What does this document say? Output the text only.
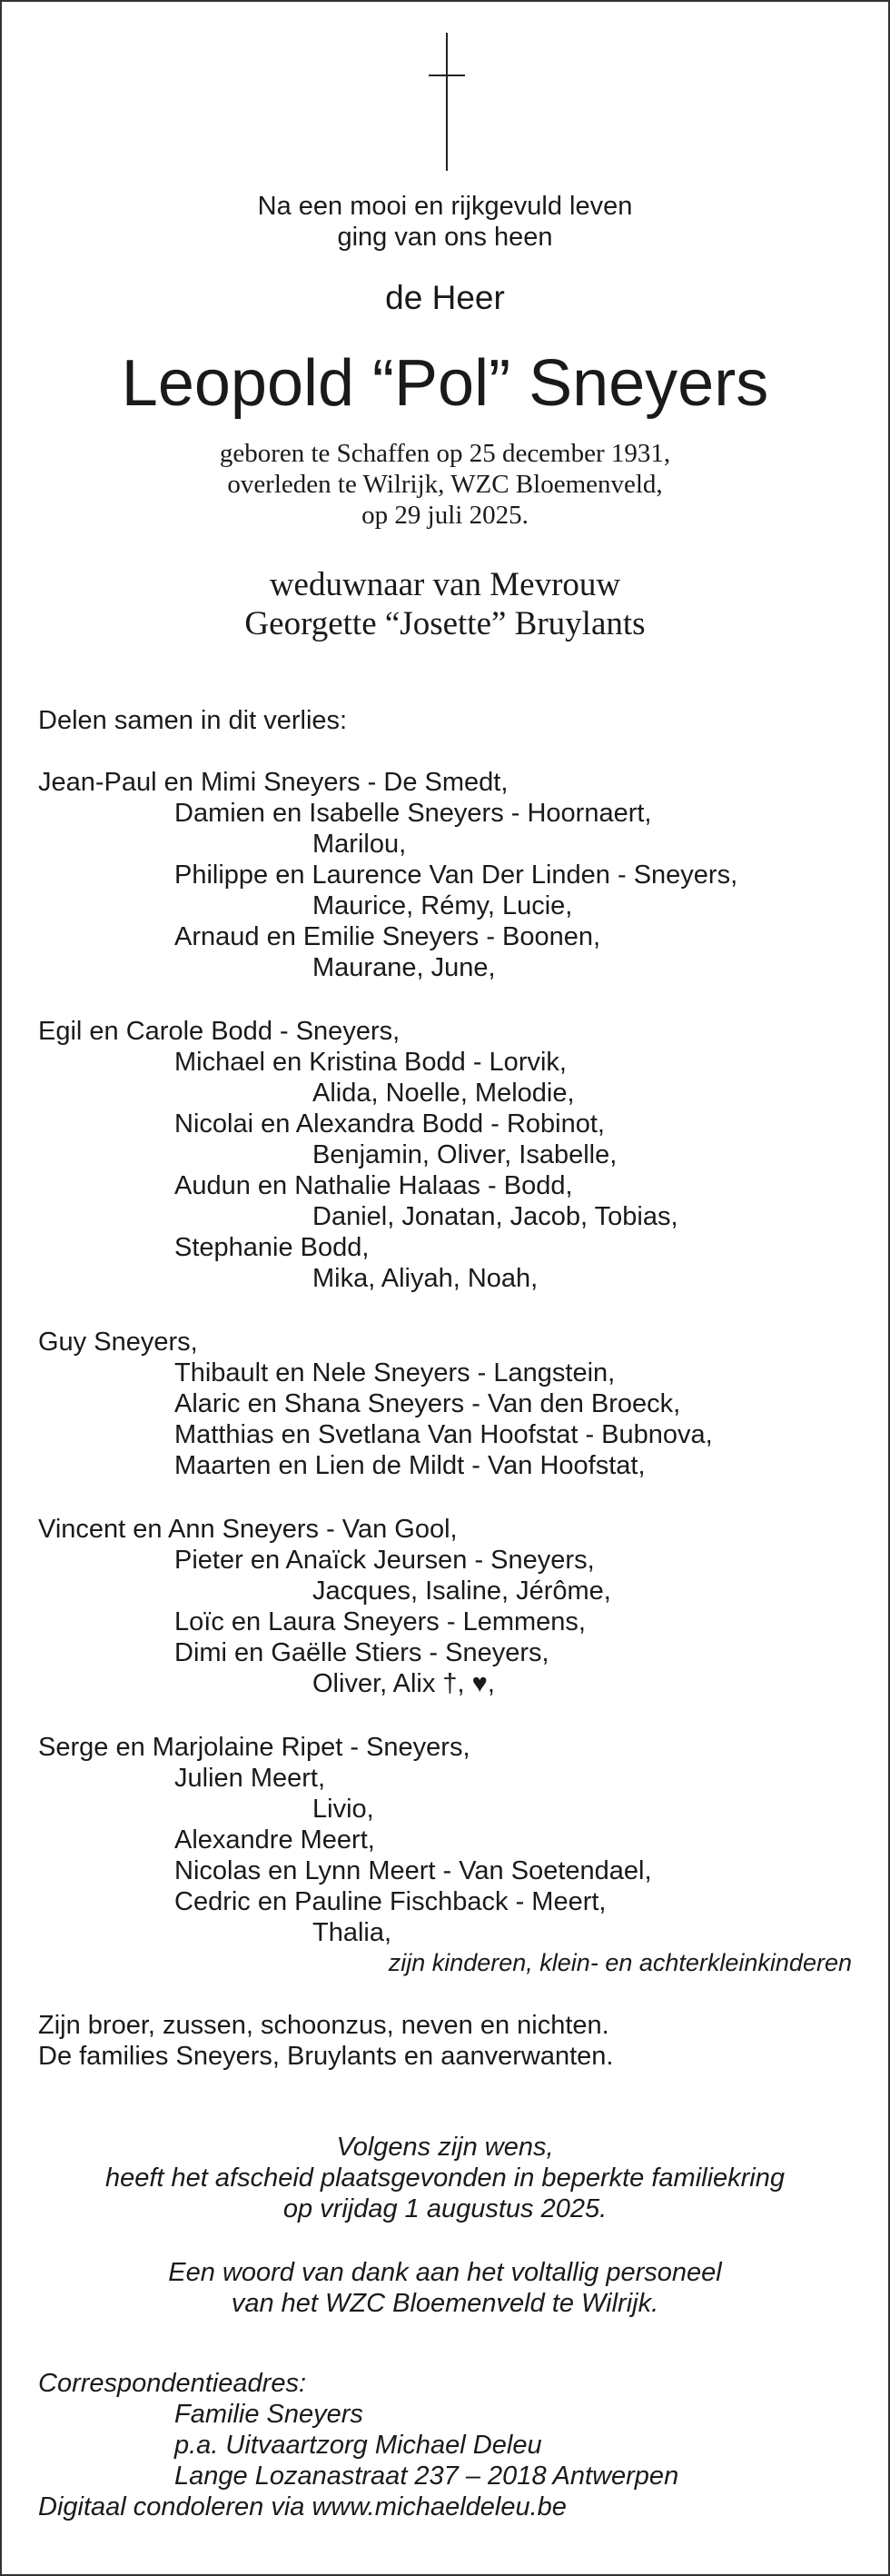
Na een mooi en rijkgevuld leven
ging van ons heen
de Heer
Leopold “Pol” Sneyers
geboren te Schaffen op 25 december 1931,
overleden te Wilrijk, WZC Bloemenveld,
op 29 juli 2025.
weduwnaar van Mevrouw
Georgette “Josette” Bruylants
Delen samen in dit verlies:
Jean-Paul en Mimi Sneyers - De Smedt,
Damien en Isabelle Sneyers - Hoornaert,
Marilou,
Philippe en Laurence Van Der Linden - Sneyers,
Maurice, Rémy, Lucie,
Arnaud en Emilie Sneyers - Boonen,
Maurane, June,
Egil en Carole Bodd - Sneyers,
Michael en Kristina Bodd - Lorvik,
Alida, Noelle, Melodie,
Nicolai en Alexandra Bodd - Robinot,
Benjamin, Oliver, Isabelle,
Audun en Nathalie Halaas - Bodd,
Daniel, Jonatan, Jacob, Tobias,
Stephanie Bodd,
Mika, Aliyah, Noah,
Guy Sneyers,
Thibault en Nele Sneyers - Langstein,
Alaric en Shana Sneyers - Van den Broeck,
Matthias en Svetlana Van Hoofstat - Bubnova,
Maarten en Lien de Mildt - Van Hoofstat,
Vincent en Ann Sneyers - Van Gool,
Pieter en Anaïck Jeursen - Sneyers,
Jacques, Isaline, Jérôme,
Loïc en Laura Sneyers - Lemmens,
Dimi en Gaëlle Stiers - Sneyers,
Oliver, Alix †, ♥,
Serge en Marjolaine Ripet - Sneyers,
Julien Meert,
Livio,
Alexandre Meert,
Nicolas en Lynn Meert - Van Soetendael,
Cedric en Pauline Fischback - Meert,
Thalia,
zijn kinderen, klein- en achterkleinkinderen
Zijn broer, zussen, schoonzus, neven en nichten.
De families Sneyers, Bruylants en aanverwanten.
Volgens zijn wens,
heeft het afscheid plaatsgevonden in beperkte familiekring
op vrijdag 1 augustus 2025.
Een woord van dank aan het voltallig personeel
van het WZC Bloemenveld te Wilrijk.
Correspondentieadres:
Familie Sneyers
p.a. Uitvaartzorg Michael Deleu
Lange Lozanastraat 237 – 2018 Antwerpen
Digitaal condoleren via www.michaeldeleu.be
